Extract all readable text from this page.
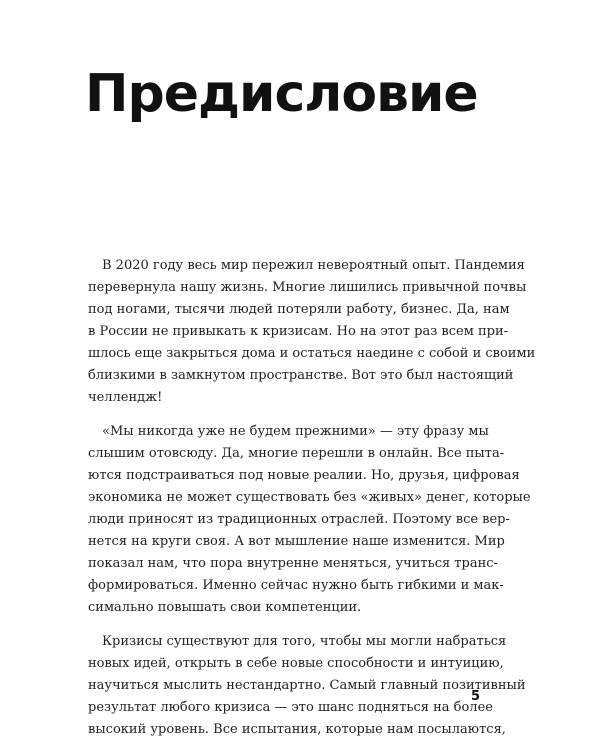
Предисловие
В 2020 году весь мир пережил невероятный опыт. Пандемия
перевернула нашу жизнь. Многие лишились привычной почвы
под ногами, тысячи людей потеряли работу, бизнес. Да, нам
в России не привыкать к кризисам. Но на этот раз всем при-
шлось еще закрыться дома и остаться наедине с собой и своими
близкими в замкнутом пространстве. Вот это был настоящий
челлендж!
«Мы никогда уже не будем прежними» — эту фразу мы
слышим отовсюду. Да, многие перешли в онлайн. Все пыта-
ются подстраиваться под новые реалии. Но, друзья, цифровая
экономика не может существовать без «живых» денег, которые
люди приносят из традиционных отраслей. Поэтому все вер-
нется на круги своя. А вот мышление наше изменится. Мир
показал нам, что пора внутренне меняться, учиться транс-
формироваться. Именно сейчас нужно быть гибкими и мак-
симально повышать свои компетенции.
Кризисы существуют для того, чтобы мы могли набраться
новых идей, открыть в себе новые способности и интуицию,
научиться мыслить нестандартно. Самый главный позитивный
результат любого кризиса — это шанс подняться на более
высокий уровень. Все испытания, которые нам посылаются,
5
